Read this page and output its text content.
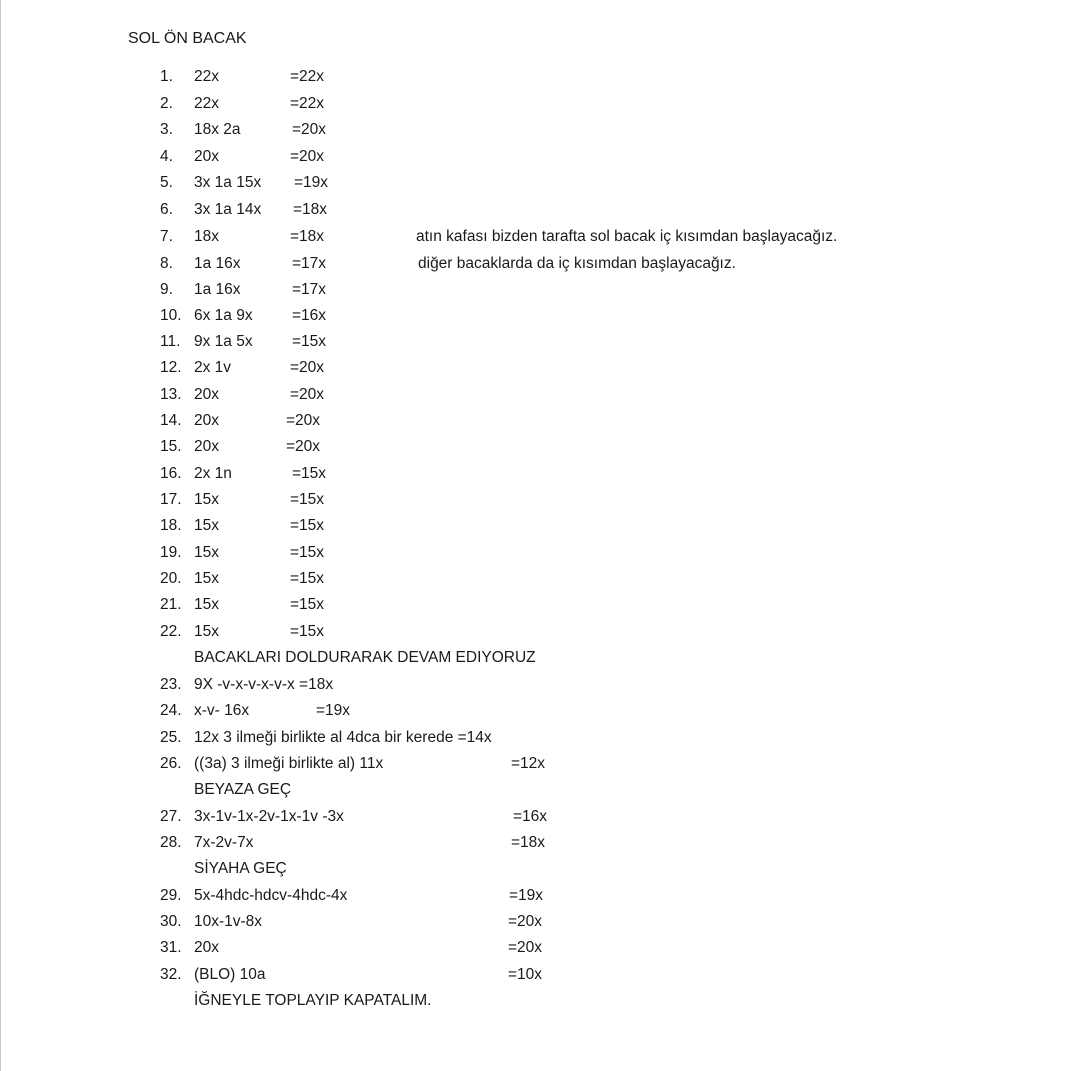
SOL ÖN BACAK
atın kafası bizden tarafta sol bacak iç kısımdan başlayacağız.
diğer bacaklarda da iç kısımdan başlayacağız.
1.	22x	=22x
2.	22x	=22x
3.	18x 2a	=20x
4.	20x	=20x
5.	3x 1a 15x =19x
6.	3x 1a 14x =18x
7.	18x	=18x
8.	1a 16x	=17x
9.	1a 16x	=17x
10. 6x 1a 9x	=16x
11. 9x 1a 5x	=15x
12. 2x 1v	=20x
13. 20x	=20x
14. 20x	=20x
15. 20x	=20x
16. 2x 1n	=15x
17. 15x	=15x
18. 15x	=15x
19. 15x	=15x
20. 15x	=15x
21. 15x	=15x
22. 15x	=15x
BACAKLARI DOLDURARAK DEVAM EDIYORUZ
23. 9X -v-x-v-x-v-x =18x
24. x-v- 16x	=19x
25. 12x 3 ilmeği birlikte al 4dca bir kerede =14x
26. ((3a) 3 ilmeği birlikte al) 11x	=12x
BEYAZA GEÇ
27. 3x-1v-1x-2v-1x-1v -3x	=16x
28. 7x-2v-7x	=18x
SİYAHA GEÇ
29. 5x-4hdc-hdcv-4hdc-4x	=19x
30. 10x-1v-8x	=20x
31. 20x	=20x
32. (BLO) 10a	=10x
İĞNEYLE TOPLAYIP KAPATALIM.
